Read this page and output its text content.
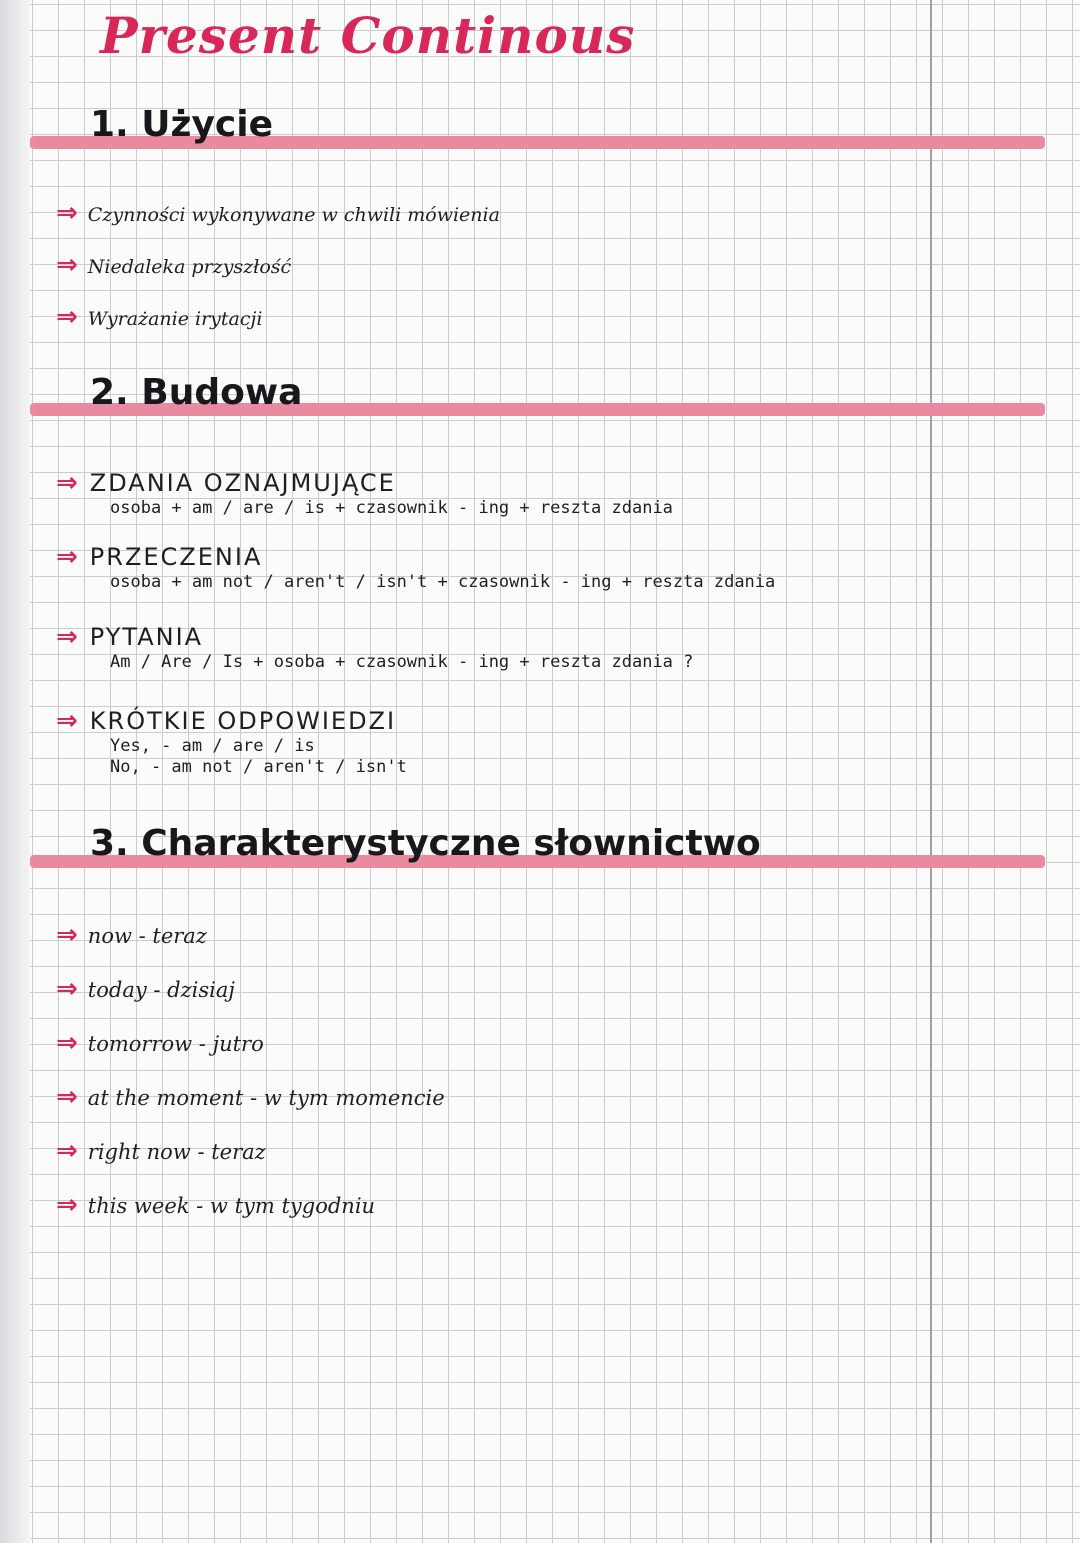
Present Continous
1. Użycie
⇒ Czynności wykonywane w chwili mówienia
⇒ Niedaleka przyszłość
⇒ Wyrażanie irytacji
2. Budowa
⇒ ZDANIA OZNAJMUJĄCE
osoba + am / are / is + czasownik - ing + reszta zdania
⇒ PRZECZENIA
osoba + am not / aren't / isn't + czasownik - ing + reszta zdania
⇒ PYTANIA
Am / Are / Is + osoba + czasownik - ing + reszta zdania ?
⇒ KRÓTKIE ODPOWIEDZI
Yes, - am / are / is
No, - am not / aren't / isn't
3. Charakterystyczne słownictwo
⇒ now - teraz
⇒ today - dzisiaj
⇒ tomorrow - jutro
⇒ at the moment - w tym momencie
⇒ right now - teraz
⇒ this week - w tym tygodniu
